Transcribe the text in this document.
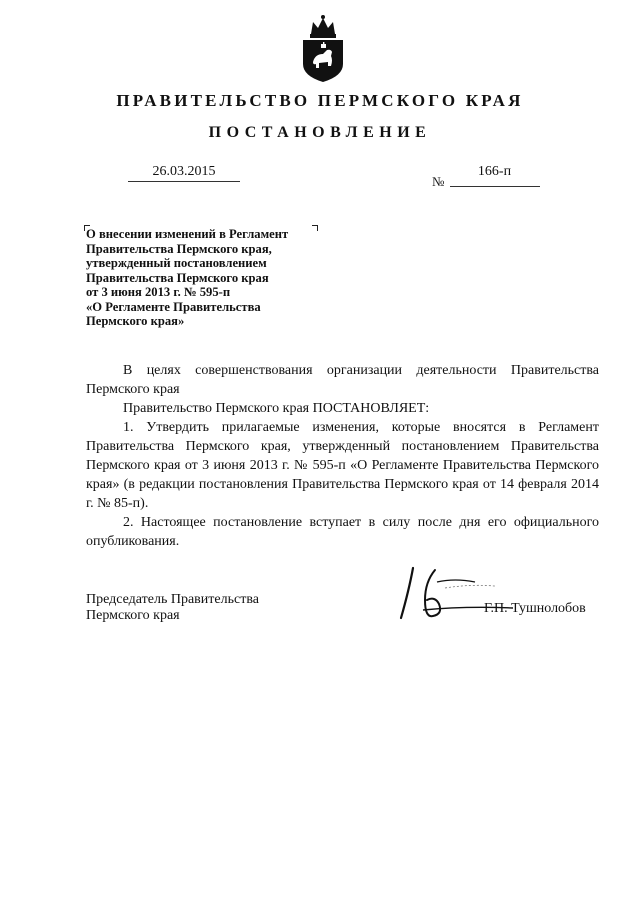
ПРАВИТЕЛЬСТВО ПЕРМСКОГО КРАЯ
ПОСТАНОВЛЕНИЕ
26.03.2015
№
166-п
О внесении изменений в Регламент
Правительства Пермского края,
утвержденный постановлением
Правительства Пермского края
от 3 июня 2013 г. № 595-п
«О Регламенте Правительства
Пермского края»
В целях совершенствования организации деятельности Правительства Пермского края
Правительство Пермского края ПОСТАНОВЛЯЕТ:
1. Утвердить прилагаемые изменения, которые вносятся в Регламент Правительства Пермского края, утвержденный постановлением Правительства Пермского края от 3 июня 2013 г. № 595-п «О Регламенте Правительства Пермского края» (в редакции постановления Правительства Пермского края от 14 февраля 2014 г. № 85-п).
2. Настоящее постановление вступает в силу после дня его официального опубликования.
Председатель Правительства
Пермского края	Г.П. Тушнолобов
